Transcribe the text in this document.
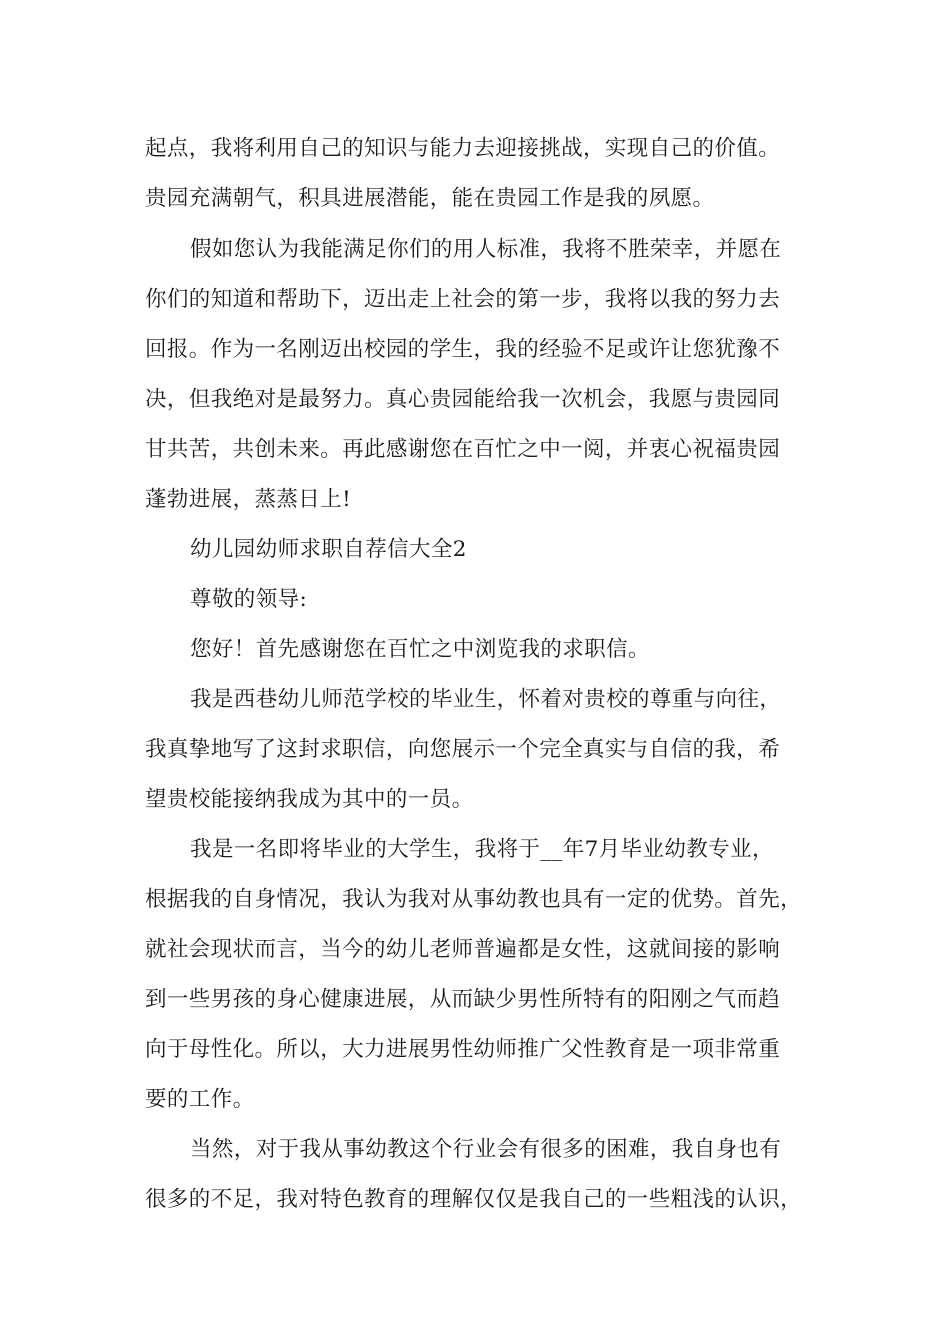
起点，我将利用自己的知识与能力去迎接挑战，实现自己的价值。
贵园充满朝气，积具进展潜能，能在贵园工作是我的夙愿。
假如您认为我能满足你们的用人标准，我将不胜荣幸，并愿在
你们的知道和帮助下，迈出走上社会的第一步，我将以我的努力去
回报。作为一名刚迈出校园的学生，我的经验不足或许让您犹豫不
决，但我绝对是最努力。真心贵园能给我一次机会，我愿与贵园同
甘共苦，共创未来。再此感谢您在百忙之中一阅，并衷心祝福贵园
蓬勃进展，蒸蒸日上!
幼儿园幼师求职自荐信大全2
尊敬的领导:
您好！首先感谢您在百忙之中浏览我的求职信。
我是西巷幼儿师范学校的毕业生，怀着对贵校的尊重与向往，
我真挚地写了这封求职信，向您展示一个完全真实与自信的我，希
望贵校能接纳我成为其中的一员。
我是一名即将毕业的大学生，我将于__年7月毕业幼教专业，
根据我的自身情况，我认为我对从事幼教也具有一定的优势。首先，
就社会现状而言，当今的幼儿老师普遍都是女性，这就间接的影响
到一些男孩的身心健康进展，从而缺少男性所特有的阳刚之气而趋
向于母性化。所以，大力进展男性幼师推广父性教育是一项非常重
要的工作。
当然，对于我从事幼教这个行业会有很多的困难，我自身也有
很多的不足，我对特色教育的理解仅仅是我自己的一些粗浅的认识，
